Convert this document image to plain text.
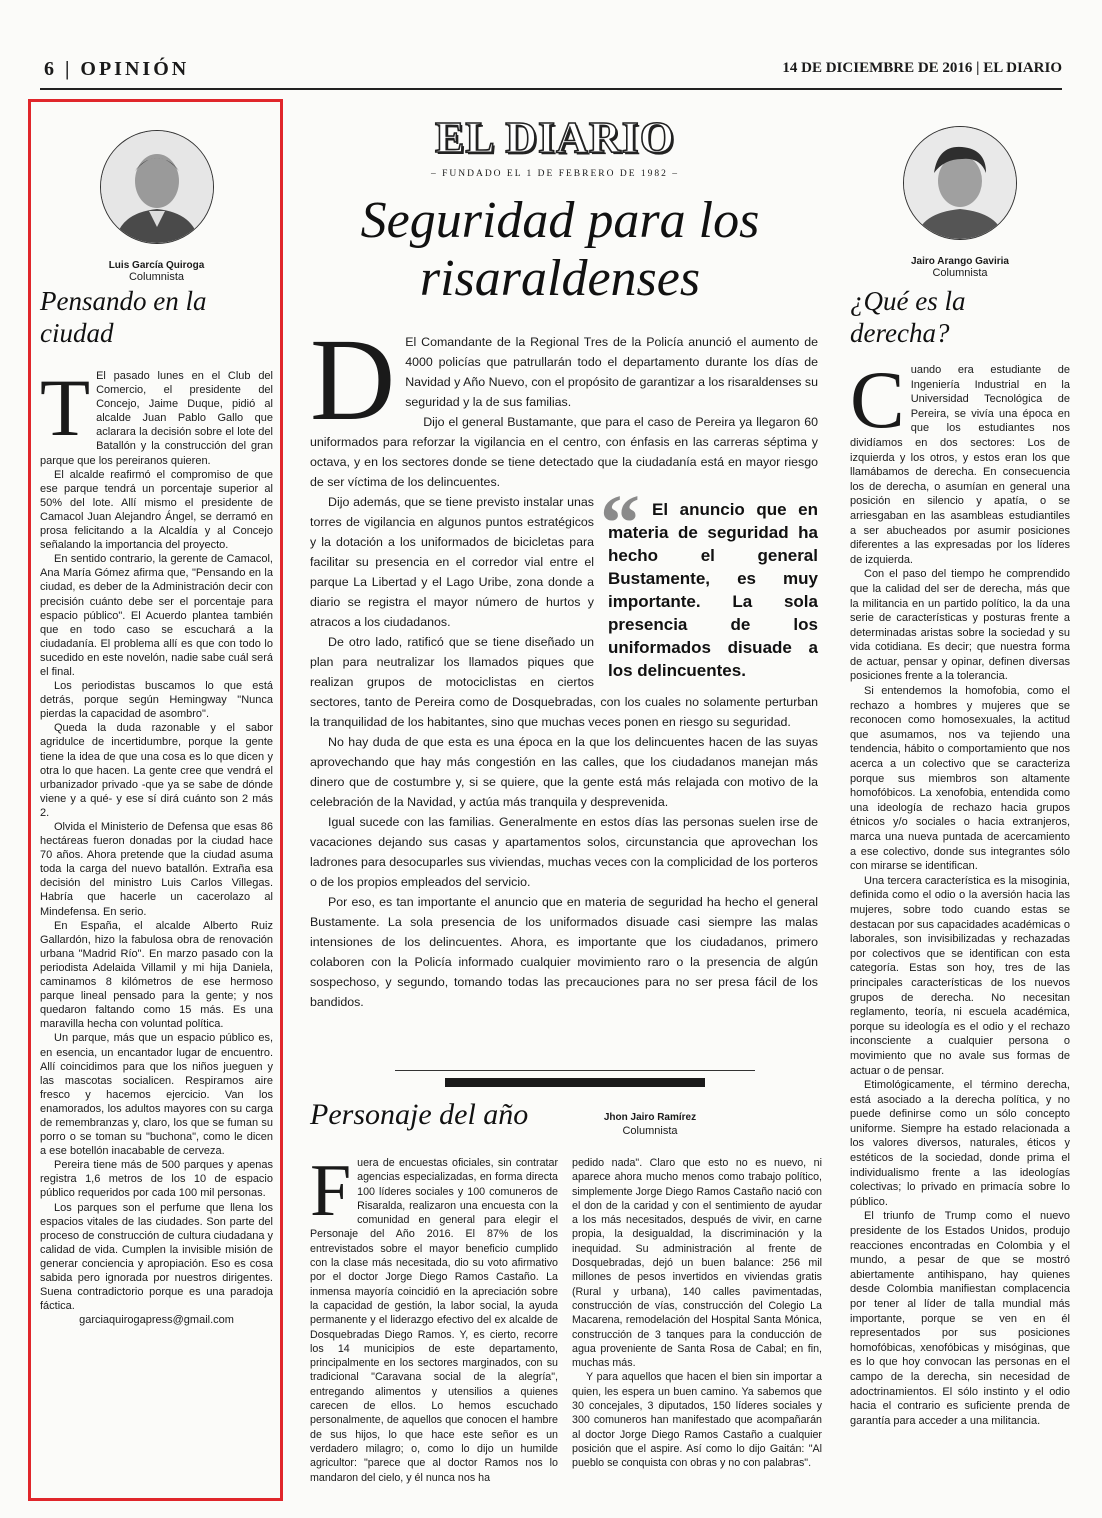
6 | OPINIÓN	14 DE DICIEMBRE DE 2016 | EL DIARIO
Luis García Quiroga
Columnista
Pensando en la ciudad
T El pasado lunes en el Club del Comercio, el presidente del Concejo, Jaime Duque, pidió al alcalde Juan Pablo Gallo que aclarara la decisión sobre el lote del Batallón y la construcción del gran parque que los pereiranos quieren.

El alcalde reafirmó el compromiso de que ese parque tendrá un porcentaje superior al 50% del lote. Allí mismo el presidente de Camacol Juan Alejandro Ángel, se derramó en prosa felicitando a la Alcaldía y al Concejo señalando la importancia del proyecto.

En sentido contrario, la gerente de Camacol, Ana María Gómez afirma que, "Pensando en la ciudad, es deber de la Administración decir con precisión cuánto debe ser el porcentaje para espacio público". El Acuerdo plantea también que en todo caso se escuchará a la ciudadanía. El problema allí es que con todo lo sucedido en este novelón, nadie sabe cuál será el final.

Los periodistas buscamos lo que está detrás, porque según Hemingway "Nunca pierdas la capacidad de asombro".

Queda la duda razonable y el sabor agridulce de incertidumbre, porque la gente tiene la idea de que una cosa es lo que dicen y otra lo que hacen. La gente cree que vendrá el urbanizador privado -que ya se sabe de dónde viene y a qué- y ese sí dirá cuánto son 2 más 2.

Olvida el Ministerio de Defensa que esas 86 hectáreas fueron donadas por la ciudad hace 70 años. Ahora pretende que la ciudad asuma toda la carga del nuevo batallón. Extraña esa decisión del ministro Luis Carlos Villegas. Habría que hacerle un cacerolazo al Mindefensa. En serio.

En España, el alcalde Alberto Ruiz Gallardón, hizo la fabulosa obra de renovación urbana "Madrid Río". En marzo pasado con la periodista Adelaida Villamil y mi hija Daniela, caminamos 8 kilómetros de ese hermoso parque lineal pensado para la gente; y nos quedaron faltando como 15 más. Es una maravilla hecha con voluntad política.

Un parque, más que un espacio público es, en esencia, un encantador lugar de encuentro. Allí coincidimos para que los niños jueguen y las mascotas socialicen. Respiramos aire fresco y hacemos ejercicio. Van los enamorados, los adultos mayores con su carga de remembranzas y, claro, los que se fuman su porro o se toman su "buchona", como le dicen a ese botellón inacabable de cerveza.

Pereira tiene más de 500 parques y apenas registra 1,6 metros de los 10 de espacio público requeridos por cada 100 mil personas.

Los parques son el perfume que llena los espacios vitales de las ciudades. Son parte del proceso de construcción de cultura ciudadana y calidad de vida. Cumplen la invisible misión de generar conciencia y apropiación. Eso es cosa sabida pero ignorada por nuestros dirigentes. Suena contradictorio porque es una paradoja fáctica.

garciaquirogapress@gmail.com

EL DIARIO
– FUNDADO EL 1 DE FEBRERO DE 1982 –
Seguridad para los
risaraldenses
D El Comandante de la Regional Tres de la Policía anunció el aumento de 4000 policías que patrullarán todo el departamento durante los días de Navidad y Año Nuevo, con el propósito de garantizar a los risaraldenses su seguridad y la de sus familias.

Dijo el general Bustamante, que para el caso de Pereira ya llegaron 60 uniformados para reforzar la vigilancia en el centro, con énfasis en las carreras séptima y octava, y en los sectores donde se tiene detectado que la ciudadanía está en mayor riesgo de ser víctima de los delincuentes.	“ El anuncio que en materia de seguridad ha hecho el general Bustamente, es muy importante. La sola presencia de los uniformados disuade a los delincuentes.

Dijo además, que se tiene previsto instalar unas torres de vigilancia en algunos puntos estratégicos y la dotación a los uniformados de bicicletas para facilitar su presencia en el corredor vial entre el parque La Libertad y el Lago Uribe, zona donde a diario se registra el mayor número de hurtos y atracos a los ciudadanos.

De otro lado, ratificó que se tiene diseñado un plan para neutralizar los llamados piques que realizan grupos de motociclistas en ciertos sectores, tanto de Pereira como de Dosquebradas, con los cuales no solamente perturban la tranquilidad de los habitantes, sino que muchas veces ponen en riesgo su seguridad.

No hay duda de que esta es una época en la que los delincuentes hacen de las suyas aprovechando que hay más congestión en las calles, que los ciudadanos manejan más dinero que de costumbre y, si se quiere, que la gente está más relajada con motivo de la celebración de la Navidad, y actúa más tranquila y desprevenida.

Igual sucede con las familias. Generalmente en estos días las personas suelen irse de vacaciones dejando sus casas y apartamentos solos, circunstancia que aprovechan los ladrones para desocuparles sus viviendas, muchas veces con la complicidad de los porteros o de los propios empleados del servicio.

Por eso, es tan importante el anuncio que en materia de seguridad ha hecho el general Bustamente. La sola presencia de los uniformados disuade casi siempre las malas intensiones de los delincuentes. Ahora, es importante que los ciudadanos, primero colaboren con la Policía informado cualquier movimiento raro o la presencia de algún sospechoso, y segundo, tomando todas las precauciones para no ser presa fácil de los bandidos.

Personaje del año	Jhon Jairo Ramírez
Columnista
F uera de encuestas oficiales, sin contratar agencias especializadas, en forma directa 100 líderes sociales y 100 comuneros de Risaralda, realizaron una encuesta con la comunidad en general para elegir el Personaje del Año 2016. El 87% de los entrevistados sobre el mayor beneficio cumplido con la clase más necesitada, dio su voto afirmativo por el doctor Jorge Diego Ramos Castaño. La inmensa mayoría coincidió en la apreciación sobre la capacidad de gestión, la labor social, la ayuda permanente y el liderazgo efectivo del ex alcalde de Dosquebradas Diego Ramos. Y, es cierto, recorre los 14 municipios de este departamento, principalmente en los sectores marginados, con su tradicional "Caravana social de la alegría", entregando alimentos y utensilios a quienes carecen de ellos. Lo hemos escuchado personalmente, de aquellos que conocen el hambre de sus hijos, lo que hace este señor es un verdadero milagro; o, como lo dijo un humilde agricultor: "parece que al doctor Ramos nos lo mandaron del cielo, y él nunca nos ha

pedido nada". Claro que esto no es nuevo, ni aparece ahora mucho menos como trabajo político, simplemente Jorge Diego Ramos Castaño nació con el don de la caridad y con el sentimiento de ayudar a los más necesitados, después de vivir, en carne propia, la desigualdad, la discriminación y la inequidad. Su administración al frente de Dosquebradas, dejó un buen balance: 256 mil millones de pesos invertidos en viviendas gratis (Rural y urbana), 140 calles pavimentadas, construcción de vías, construcción del Colegio La Macarena, remodelación del Hospital Santa Mónica, construcción de 3 tanques para la conducción de agua proveniente de Santa Rosa de Cabal; en fin, muchas más.

Y para aquellos que hacen el bien sin importar a quien, les espera un buen camino. Ya sabemos que 30 concejales, 3 diputados, 150 líderes sociales y 300 comuneros han manifestado que acompañarán al doctor Jorge Diego Ramos Castaño a cualquier posición que el aspire. Así como lo dijo Gaitán: "Al pueblo se conquista con obras y no con palabras".

Jairo Arango Gaviria
Columnista
¿Qué es la derecha?
C uando era estudiante de Ingeniería Industrial en la Universidad Tecnológica de Pereira, se vivía una época en que los estudiantes nos dividíamos en dos sectores: Los de izquierda y los otros, y estos eran los que llamábamos de derecha. En consecuencia los de derecha, o asumían en general una posición en silencio y apatía, o se arriesgaban en las asambleas estudiantiles a ser abucheados por asumir posiciones diferentes a las expresadas por los líderes de izquierda.

Con el paso del tiempo he comprendido que la calidad del ser de derecha, más que la militancia en un partido político, la da una serie de características y posturas frente a determinadas aristas sobre la sociedad y su vida cotidiana. Es decir; que nuestra forma de actuar, pensar y opinar, definen diversas posiciones frente a la tolerancia.

Si entendemos la homofobia, como el rechazo a hombres y mujeres que se reconocen como homosexuales, la actitud que asumamos, nos va tejiendo una tendencia, hábito o comportamiento que nos acerca a un colectivo que se caracteriza porque sus miembros son altamente homofóbicos. La xenofobia, entendida como una ideología de rechazo hacia grupos étnicos y/o sociales o hacia extranjeros, marca una nueva puntada de acercamiento a ese colectivo, donde sus integrantes sólo con mirarse se identifican.

Una tercera característica es la misoginia, definida como el odio o la aversión hacia las mujeres, sobre todo cuando estas se destacan por sus capacidades académicas o laborales, son invisibilizadas y rechazadas por colectivos que se identifican con esta categoría. Estas son hoy, tres de las principales características de los nuevos grupos de derecha. No necesitan reglamento, teoría, ni escuela académica, porque su ideología es el odio y el rechazo inconsciente a cualquier persona o movimiento que no avale sus formas de actuar o de pensar.

Etimológicamente, el término derecha, está asociado a la derecha política, y no puede definirse como un sólo concepto uniforme. Siempre ha estado relacionada a los valores diversos, naturales, éticos y estéticos de la sociedad, donde prima el individualismo frente a las ideologías colectivas; lo privado en primacía sobre lo público.

El triunfo de Trump como el nuevo presidente de los Estados Unidos, produjo reacciones encontradas en Colombia y el mundo, a pesar de que se mostró abiertamente antihispano, hay quienes desde Colombia manifiestan complacencia por tener al líder de talla mundial más importante, porque se ven en él representados por sus posiciones homofóbicas, xenofóbicas y misóginas, que es lo que hoy convocan las personas en el campo de la derecha, sin necesidad de adoctrinamientos. El sólo instinto y el odio hacia el contrario es suficiente prenda de garantía para acceder a una militancia.
